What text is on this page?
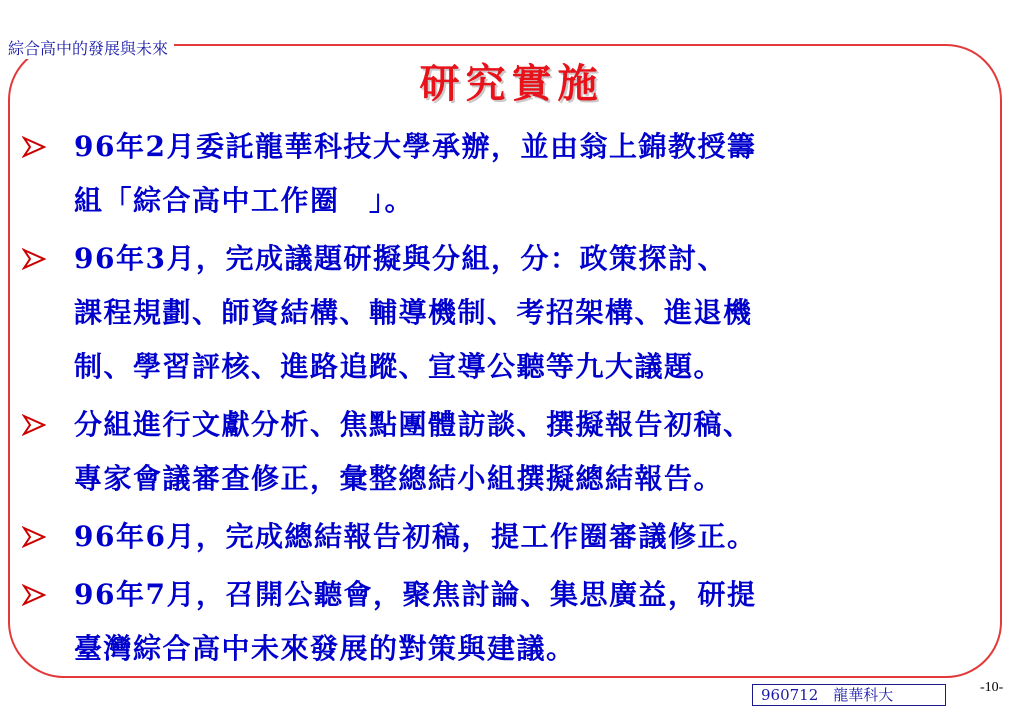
綜合高中的發展與未來
研究實施
96年2月委託龍華科技大學承辦，並由翁上錦教授籌
組「綜合高中工作圈　」。
96年3月，完成議題研擬與分組，分：政策探討、
課程規劃、師資結構、輔導機制、考招架構、進退機
制、學習評核、進路追蹤、宣導公聽等九大議題。
分組進行文獻分析、焦點團體訪談、撰擬報告初稿、
專家會議審查修正，彙整總結小組撰擬總結報告。
96年6月，完成總結報告初稿，提工作圈審議修正。
96年7月，召開公聽會，聚焦討論、集思廣益，研提
臺灣綜合高中未來發展的對策與建議。
960712　龍華科大	-10-
